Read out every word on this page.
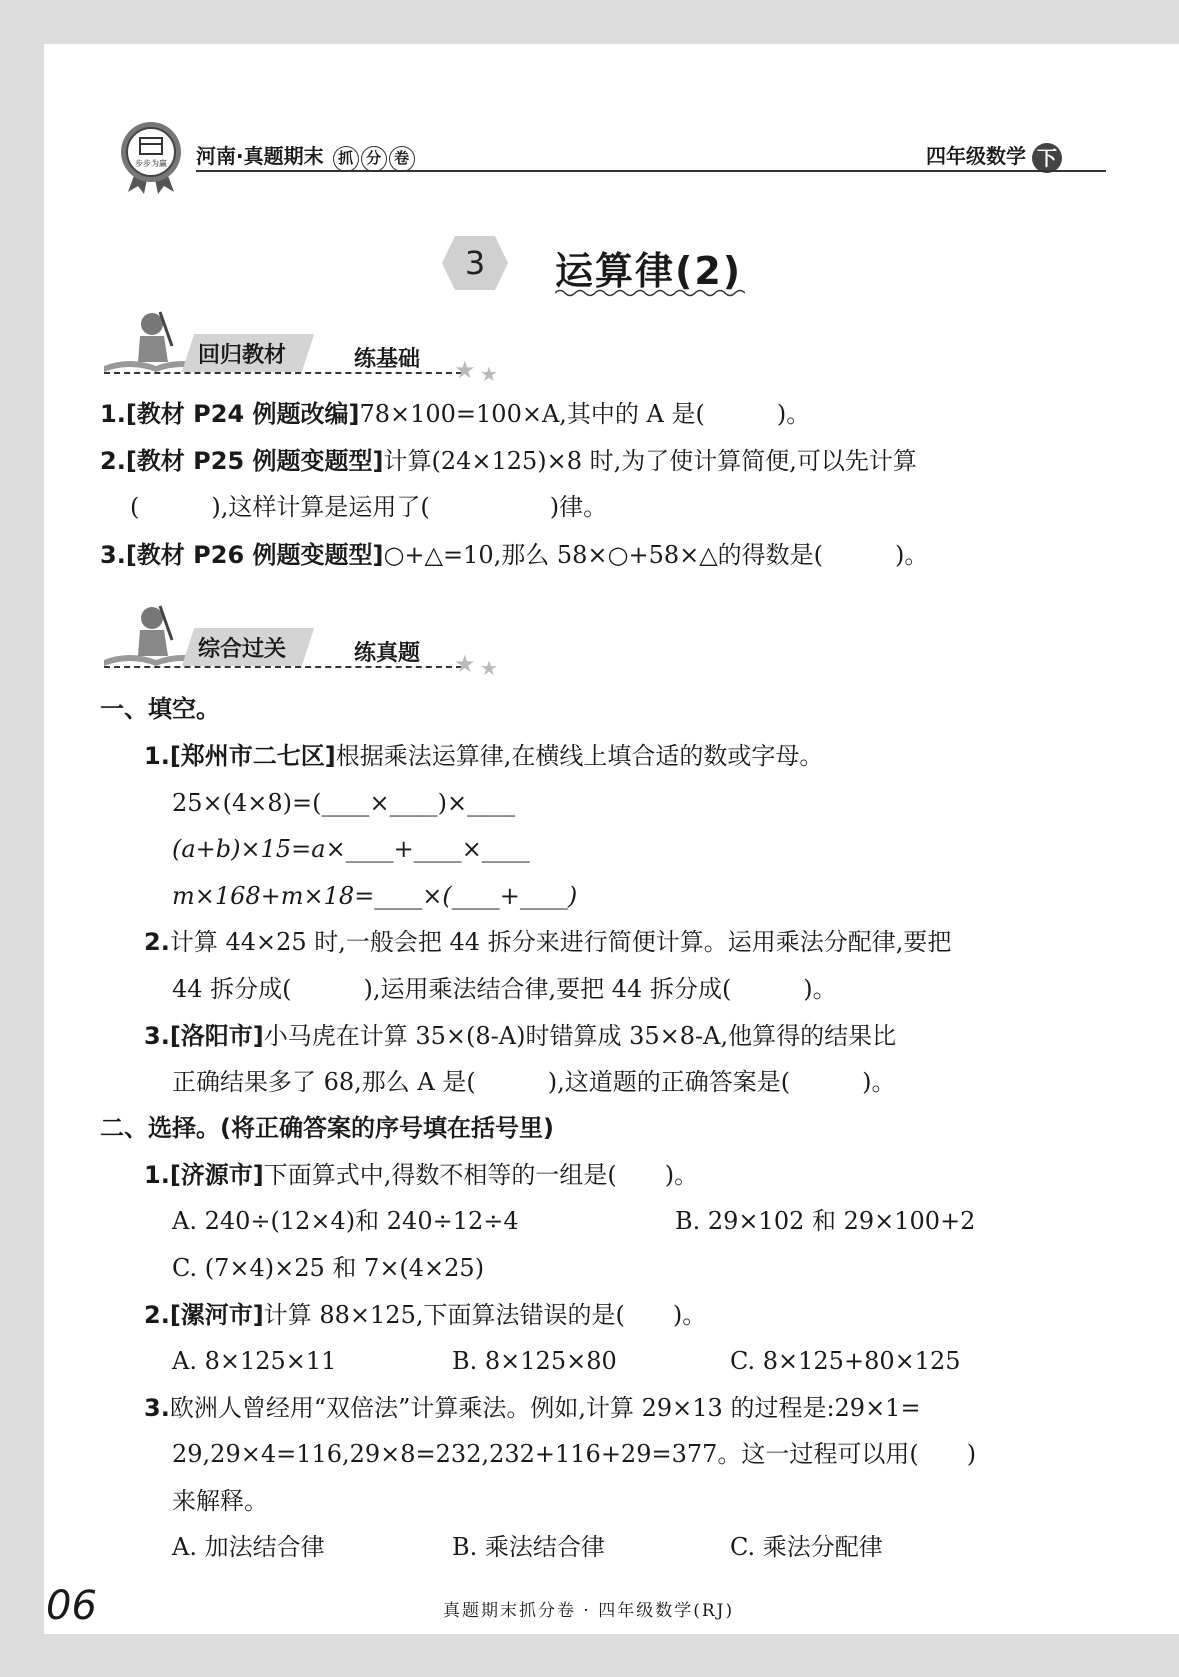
步步为赢 河南·真题期末 抓 分 卷	四年级数学 下
3 运算律(2)
回归教材	练基础 ★ ★
1.[教材 P24 例题改编]78×100=100×A,其中的 A 是(　　　)。
2.[教材 P25 例题变题型]计算(24×125)×8 时,为了使计算简便,可以先计算
(　　　),这样计算是运用了(　　　　　)律。
3.[教材 P26 例题变题型]○+△=10,那么 58×○+58×△的得数是(　　　)。
综合过关	练真题 ★ ★
一、填空。
1.[郑州市二七区]根据乘法运算律,在横线上填合适的数或字母。
25×(4×8)=(____×____)×____
(a+b)×15=a×____+____×____
m×168+m×18=____×(____+____)
2.计算 44×25 时,一般会把 44 拆分来进行简便计算。运用乘法分配律,要把
44 拆分成(　　　),运用乘法结合律,要把 44 拆分成(　　　)。
3.[洛阳市]小马虎在计算 35×(8-A)时错算成 35×8-A,他算得的结果比
正确结果多了 68,那么 A 是(　　　),这道题的正确答案是(　　　)。
二、选择。(将正确答案的序号填在括号里)
1.[济源市]下面算式中,得数不相等的一组是(　　)。
A. 240÷(12×4)和 240÷12÷4	B. 29×102 和 29×100+2
C. (7×4)×25 和 7×(4×25)
2.[漯河市]计算 88×125,下面算法错误的是(　　)。
A. 8×125×11	B. 8×125×80	C. 8×125+80×125
3.欧洲人曾经用“双倍法”计算乘法。例如,计算 29×13 的过程是:29×1=
29,29×4=116,29×8=232,232+116+29=377。这一过程可以用(　　)
来解释。
A. 加法结合律	B. 乘法结合律	C. 乘法分配律
06	真题期末抓分卷 · 四年级数学(RJ)
